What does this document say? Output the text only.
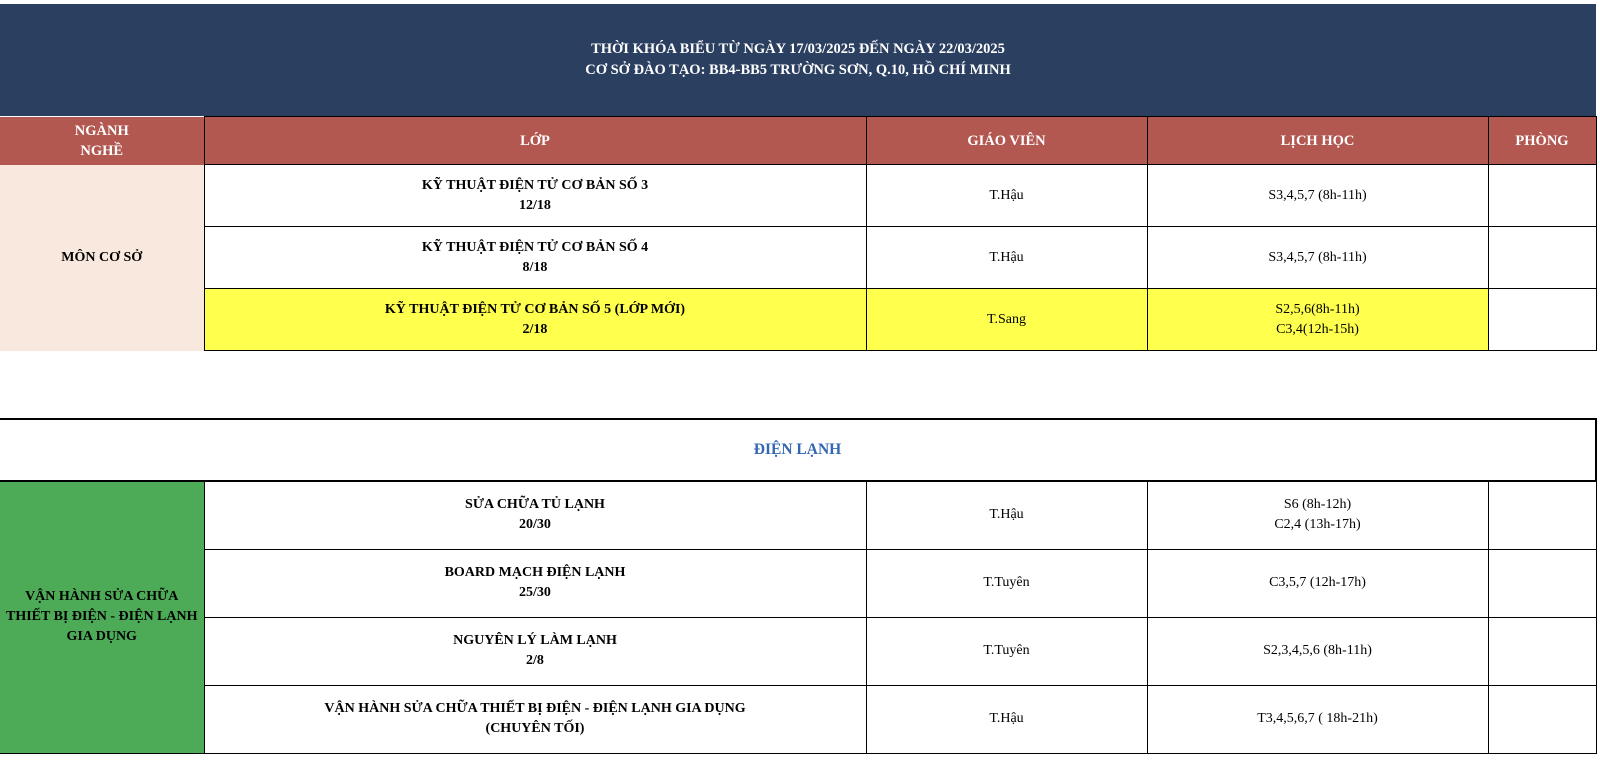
THỜI KHÓA BIỂU TỪ NGÀY 17/03/2025 ĐẾN NGÀY 22/03/2025
CƠ SỞ ĐÀO TẠO: BB4-BB5 TRƯỜNG SƠN, Q.10, HỒ CHÍ MINH
NGÀNH
NGHỀ	LỚP	GIÁO VIÊN	LỊCH HỌC	PHÒNG
MÔN CƠ SỞ	KỸ THUẬT ĐIỆN TỬ CƠ BẢN SỐ 3
12/18	T.Hậu	S3,4,5,7 (8h-11h)	

	KỸ THUẬT ĐIỆN TỬ CƠ BẢN SỐ 4
8/18	T.Hậu	S3,4,5,7 (8h-11h)	

	KỸ THUẬT ĐIỆN TỬ CƠ BẢN SỐ 5 (LỚP MỚI)
2/18	T.Sang	S2,5,6(8h-11h)
C3,4(12h-15h)	

ĐIỆN LẠNH				
VẬN HÀNH SỬA CHỮA THIẾT BỊ ĐIỆN - ĐIỆN LẠNH GIA DỤNG	SỬA CHỮA TỦ LẠNH
20/30	T.Hậu	S6 (8h-12h)
C2,4 (13h-17h)	

	BOARD MẠCH ĐIỆN LẠNH
25/30	T.Tuyên	C3,5,7 (12h-17h)	

	NGUYÊN LÝ LÀM LẠNH
2/8	T.Tuyên	S2,3,4,5,6 (8h-11h)	

	VẬN HÀNH SỬA CHỮA THIẾT BỊ ĐIỆN - ĐIỆN LẠNH GIA DỤNG
(CHUYÊN TỐI)	T.Hậu	T3,4,5,6,7 ( 18h-21h)	
